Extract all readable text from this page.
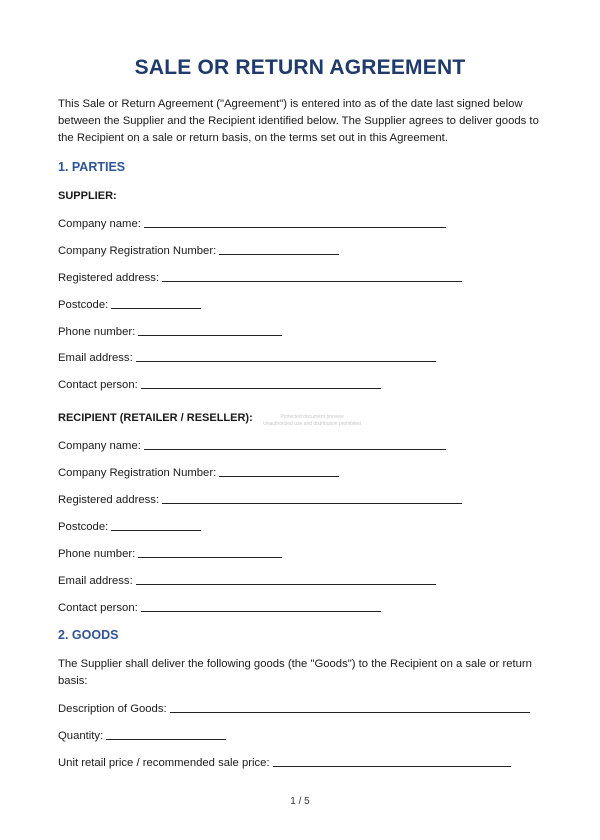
SALE OR RETURN AGREEMENT
This Sale or Return Agreement ("Agreement") is entered into as of the date last signed below between the Supplier and the Recipient identified below. The Supplier agrees to deliver goods to the Recipient on a sale or return basis, on the terms set out in this Agreement.
1. PARTIES
SUPPLIER:
Company name:
Company Registration Number:
Registered address:
Postcode:
Phone number:
Email address:
Contact person:
RECIPIENT (RETAILER / RESELLER):	Protected document preview
Unauthorized use and distribution prohibited
Company name:
Company Registration Number:
Registered address:
Postcode:
Phone number:
Email address:
Contact person:
2. GOODS
The Supplier shall deliver the following goods (the "Goods") to the Recipient on a sale or return basis:
Description of Goods:
Quantity:
Unit retail price / recommended sale price:
1 / 5
